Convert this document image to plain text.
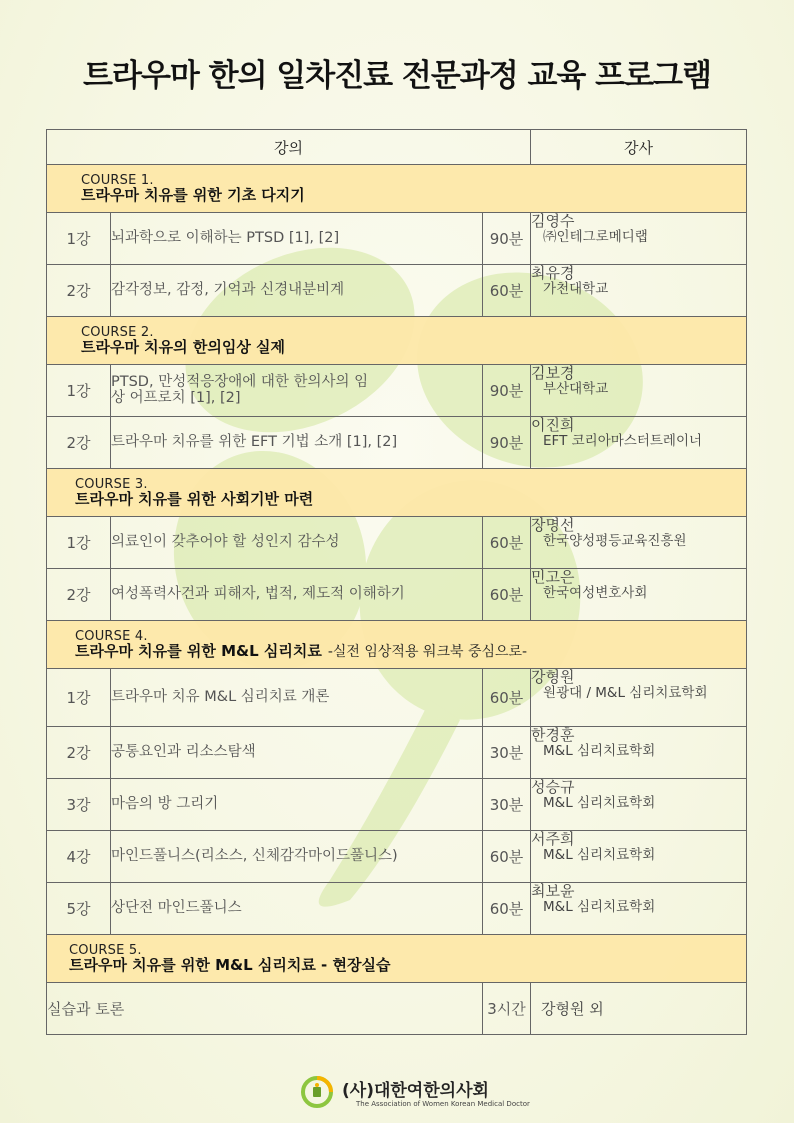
트라우마 한의 일차진료 전문과정 교육 프로그램
강의			강사

COURSE 1.
트라우마 치유를 위한 기초 다지기			

1강	뇌과학으로 이해하는 PTSD [1], [2]	90분	김영수
㈜인테그로메디랩

2강	감각정보, 감정, 기억과 신경내분비계	60분	최유경
가천대학교

COURSE 2.
트라우마 치유의 한의임상 실제			

1강	PTSD, 만성적응장애에 대한 한의사의 임상 어프로치 [1], [2]	90분	김보경
부산대학교

2강	트라우마 치유를 위한 EFT 기법 소개 [1], [2]	90분	이진희
EFT 코리아마스터트레이너

COURSE 3.
트라우마 치유를 위한 사회기반 마련			

1강	의료인이 갖추어야 할 성인지 감수성	60분	장명선
한국양성평등교육진흥원

2강	여성폭력사건과 피해자, 법적, 제도적 이해하기	60분	민고은
한국여성변호사회

COURSE 4.
트라우마 치유를 위한 M&L 심리치료 -실전 임상적용 워크북 중심으로-			

1강	트라우마 치유 M&L 심리치료 개론	60분	강형원
원광대 / M&L 심리치료학회

2강	공통요인과 리소스탐색	30분	한경훈
M&L 심리치료학회

3강	마음의 방 그리기	30분	성승규
M&L 심리치료학회

4강	마인드풀니스(리소스, 신체감각마이드풀니스)	60분	서주희
M&L 심리치료학회

5강	상단전 마인드풀니스	60분	최보윤
M&L 심리치료학회

COURSE 5.
트라우마 치유를 위한 M&L 심리치료 - 현장실습			

실습과 토론		3시간	강형원 외
(사)대한여한의사회
The Association of Women Korean Medical Doctor
